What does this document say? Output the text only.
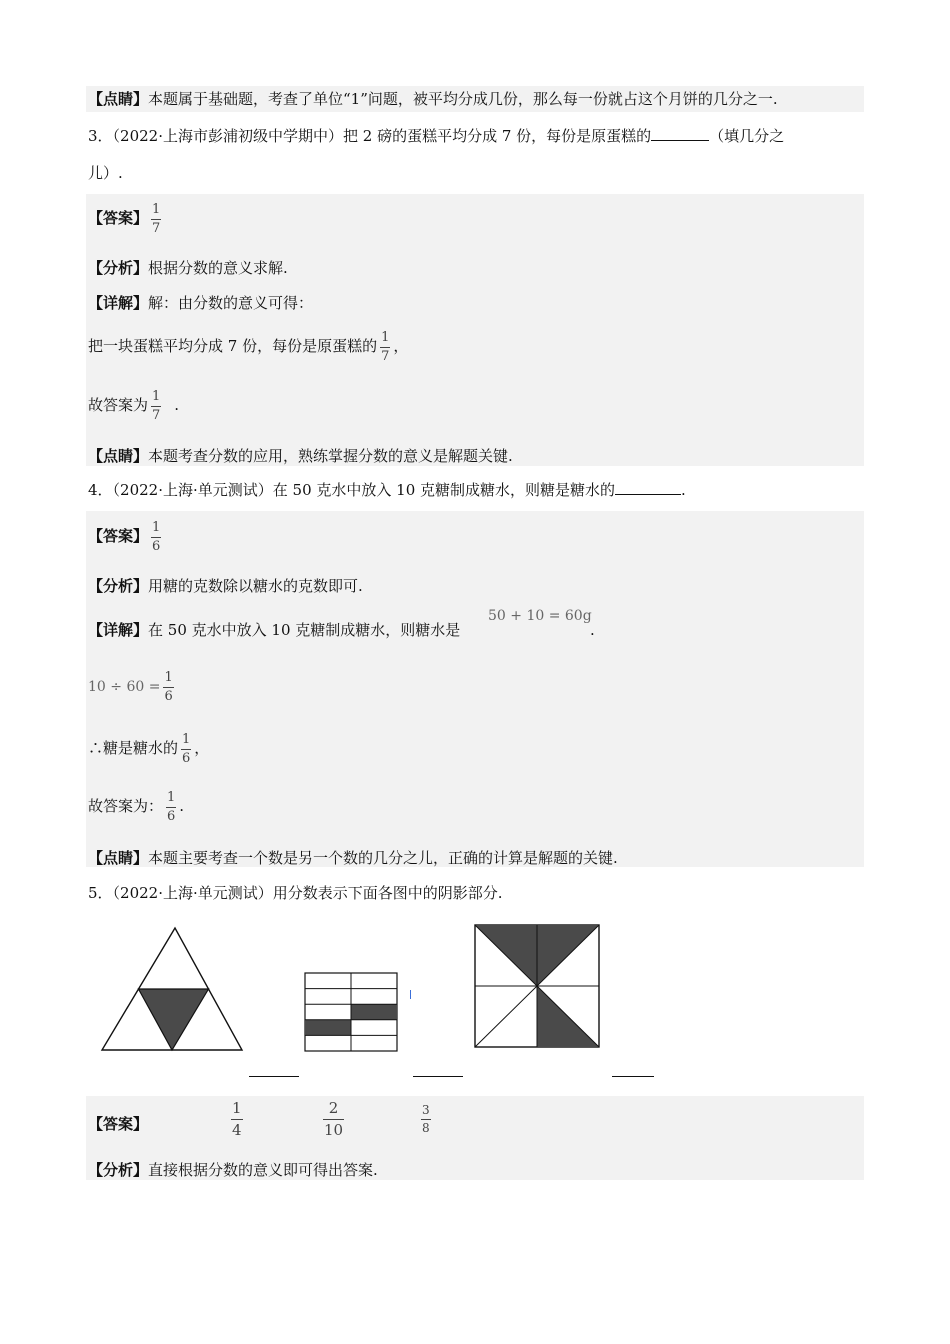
【点睛】本题属于基础题，考查了单位“1”问题，被平均分成几份，那么每一份就占这个月饼的几分之一.
3．（2022·上海市彭浦初级中学期中）把 2 磅的蛋糕平均分成 7 份，每份是原蛋糕的	（填几分之
儿）.
【答案】 $\frac{1}{7}$
【分析】根据分数的意义求解.
【详解】解：由分数的意义可得：
把一块蛋糕平均分成 7 份，每份是原蛋糕的 $\frac{1}{7}$ ，
故答案为 $\frac{1}{7}$ .
【点睛】本题考查分数的应用，熟练掌握分数的意义是解题关键.
4．（2022·上海·单元测试）在 50 克水中放入 10 克糖制成糖水，则糖是糖水的	.
【答案】 $\frac{1}{6}$
【分析】用糖的克数除以糖水的克数即可.
【详解】在 50 克水中放入 10 克糖制成糖水，则糖水是
50 + 10 = 60g
.
$10 \div 60 = \frac{1}{6}$
∴糖是糖水的 $\frac{1}{6}$ ，
故答案为： $\frac{1}{6}$ .
【点睛】本题主要考查一个数是另一个数的几分之儿，正确的计算是解题的关键.
5．（2022·上海·单元测试）用分数表示下面各图中的阴影部分.
【答案】	$\frac{1}{4}$	$\frac{2}{10}$	$\frac{3}{8}$
【分析】直接根据分数的意义即可得出答案.
